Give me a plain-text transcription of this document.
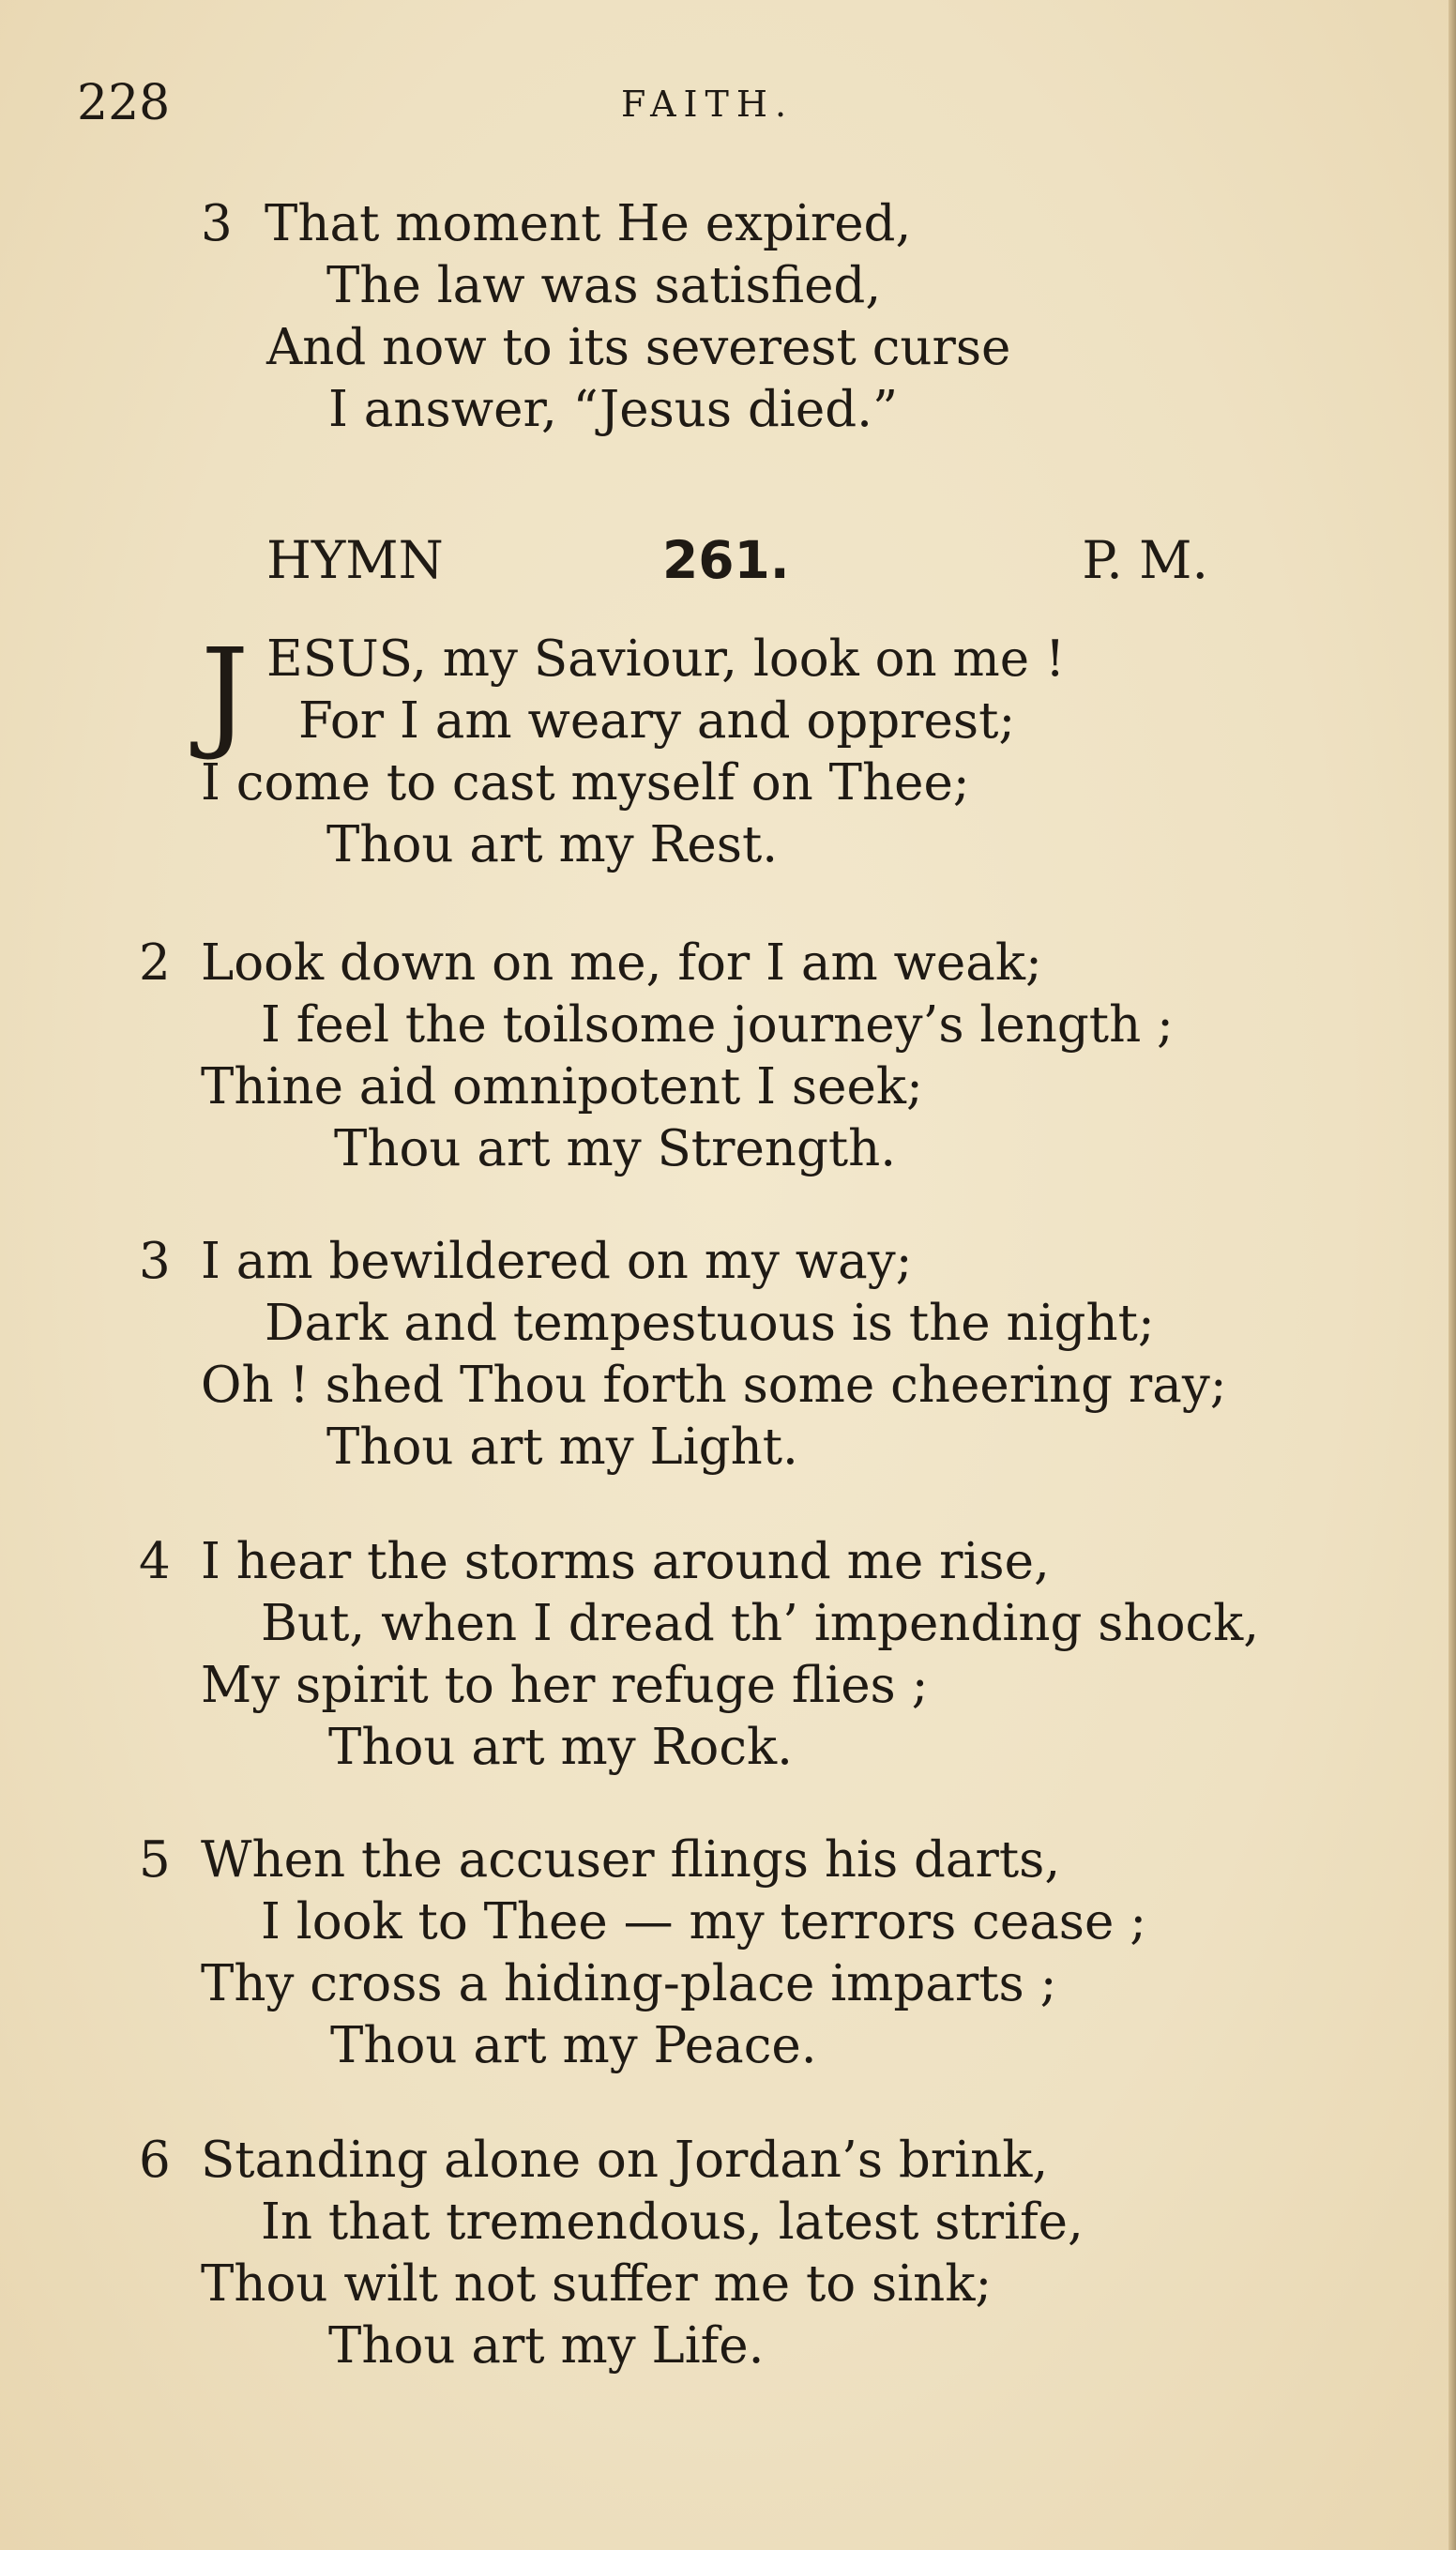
228	FAITH.
3 That moment He expired,
The law was satisfied,
And now to its severest curse
I answer, “Jesus died.”
HYMN	261.	P. M.
J ESUS, my Saviour, look on me !
For I am weary and opprest;
I come to cast myself on Thee;
Thou art my Rest.
2 Look down on me, for I am weak;
I feel the toilsome journey’s length ;
Thine aid omnipotent I seek;
Thou art my Strength.
3 I am bewildered on my way;
Dark and tempestuous is the night;
Oh ! shed Thou forth some cheering ray;
Thou art my Light.
4 I hear the storms around me rise,
But, when I dread th’ impending shock,
My spirit to her refuge flies ;
Thou art my Rock.
5 When the accuser flings his darts,
I look to Thee — my terrors cease ;
Thy cross a hiding-place imparts ;
Thou art my Peace.
6 Standing alone on Jordan’s brink,
In that tremendous, latest strife,
Thou wilt not suffer me to sink;
Thou art my Life.
